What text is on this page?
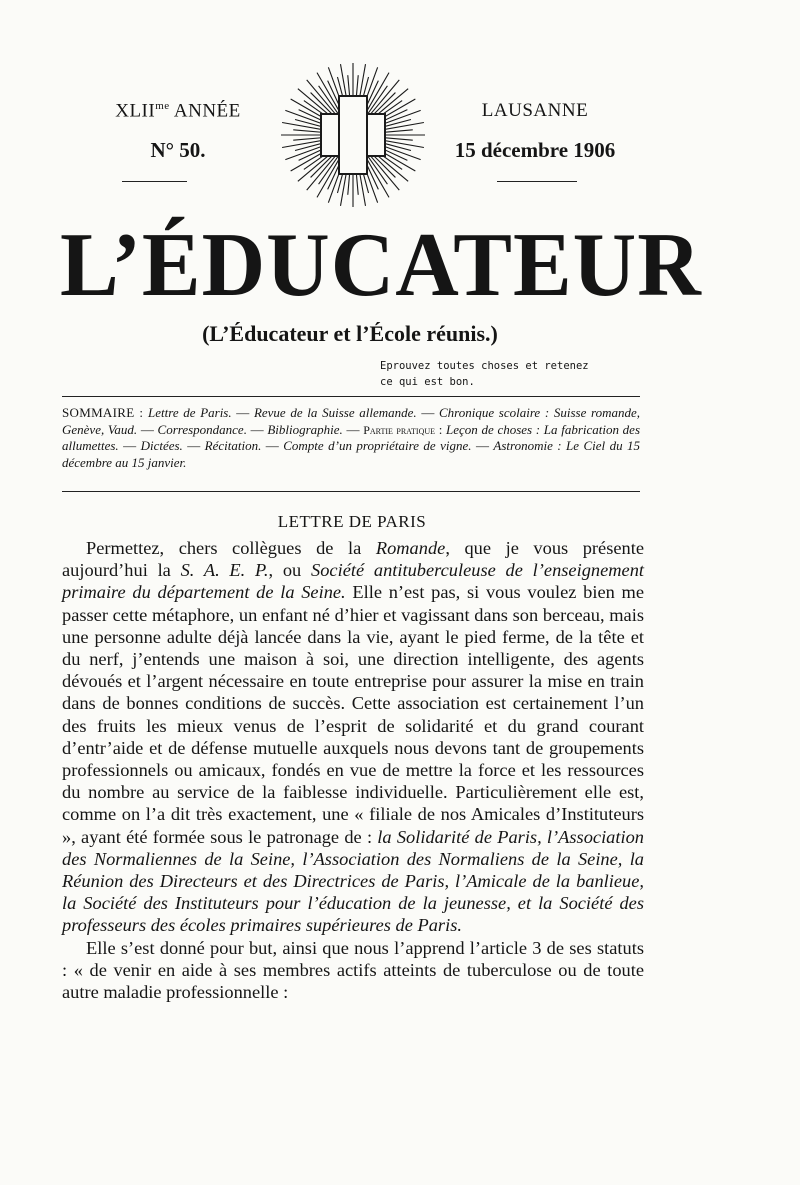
$XLII^{me}$ ANNÉE
N° 50.
LAUSANNE
15 décembre 1906
L’ÉDUCATEUR
(L’Éducateur et l’École réunis.)
Eprouvez toutes choses et retenez
ce qui est bon.
SOMMAIRE : Lettre de Paris. — Revue de la Suisse allemande. — Chronique scolaire : Suisse romande, Genève, Vaud. — Correspondance. — Bibliographie. — Partie pratique : Leçon de choses : La fabrication des allumettes. — Dictées. — Récitation. — Compte d’un propriétaire de vigne. — Astronomie : Le Ciel du 15 décembre au 15 janvier.
LETTRE DE PARIS

Permettez, chers collègues de la Romande, que je vous présente aujourd’hui la S. A. E. P., ou Société antituberculeuse de l’enseignement primaire du département de la Seine. Elle n’est pas, si vous voulez bien me passer cette métaphore, un enfant né d’hier et vagissant dans son berceau, mais une personne adulte déjà lancée dans la vie, ayant le pied ferme, de la tête et du nerf, j’entends une maison à soi, une direction intelligente, des agents dévoués et l’argent nécessaire en toute entreprise pour assurer la mise en train dans de bonnes conditions de succès. Cette association est certainement l’un des fruits les mieux venus de l’esprit de solidarité et du grand courant d’entr’aide et de défense mutuelle auxquels nous devons tant de groupements professionnels ou amicaux, fondés en vue de mettre la force et les ressources du nombre au service de la faiblesse individuelle. Particulièrement elle est, comme on l’a dit très exactement, une « filiale de nos Amicales d’Instituteurs », ayant été formée sous le patronage de : la Solidarité de Paris, l’Association des Normaliennes de la Seine, l’Association des Normaliens de la Seine, la Réunion des Directeurs et des Directrices de Paris, l’Amicale de la banlieue, la Société des Instituteurs pour l’éducation de la jeunesse, et la Société des professeurs des écoles primaires supérieures de Paris.

Elle s’est donné pour but, ainsi que nous l’apprend l’article 3 de ses statuts : « de venir en aide à ses membres actifs atteints de tuberculose ou de toute autre maladie professionnelle :
